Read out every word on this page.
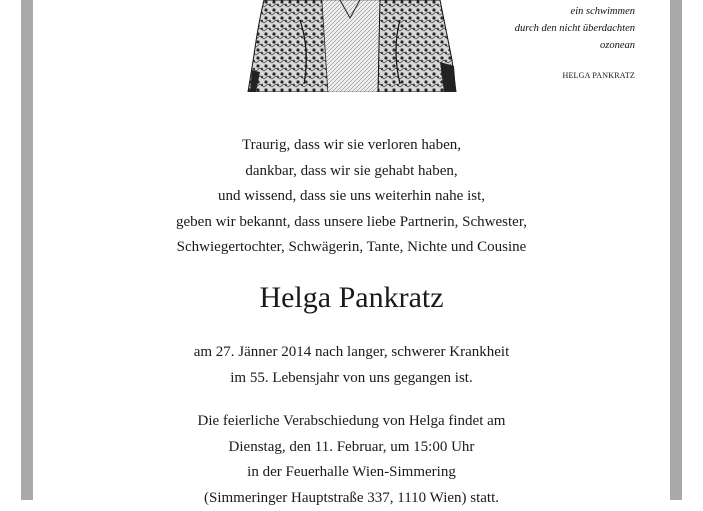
ein schwimmen
durch den nicht überdachten
ozonean
HELGA PANKRATZ
Traurig, dass wir sie verloren haben,
dankbar, dass wir sie gehabt haben,
und wissend, dass sie uns weiterhin nahe ist,
geben wir bekannt, dass unsere liebe Partnerin, Schwester,
Schwiegertochter, Schwägerin, Tante, Nichte und Cousine
Helga Pankratz
am 27. Jänner 2014 nach langer, schwerer Krankheit
im 55. Lebensjahr von uns gegangen ist.
Die feierliche Verabschiedung von Helga findet am
Dienstag, den 11. Februar, um 15:00 Uhr
in der Feuerhalle Wien-Simmering
(Simmeringer Hauptstraße 337, 1110 Wien) statt.
